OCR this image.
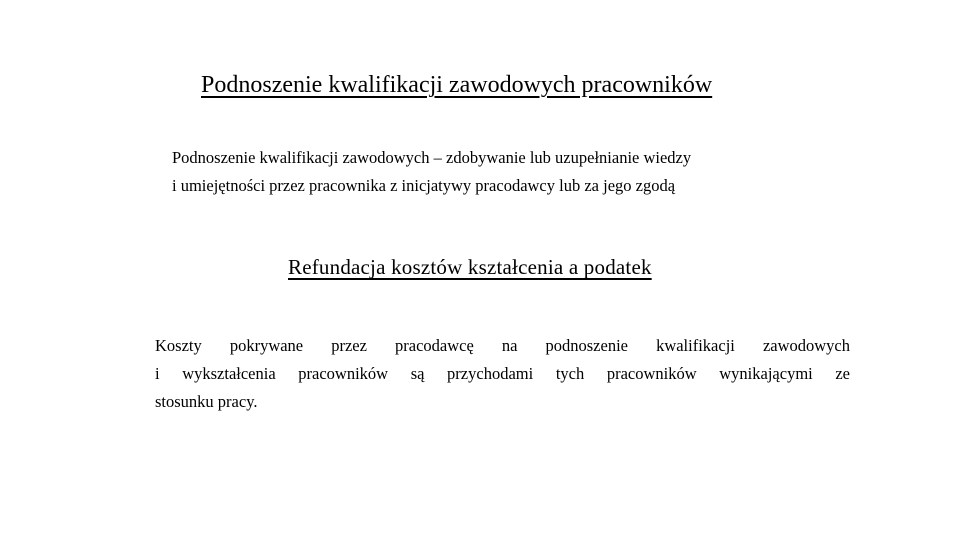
Podnoszenie kwalifikacji zawodowych pracowników

Podnoszenie kwalifikacji zawodowych – zdobywanie lub uzupełnianie wiedzy
i umiejętności przez pracownika z inicjatywy pracodawcy lub za jego zgodą

Refundacja kosztów kształcenia a podatek

Koszty pokrywane przez pracodawcę na podnoszenie kwalifikacji zawodowych
i wykształcenia pracowników są przychodami tych pracowników wynikającymi ze
stosunku pracy.
